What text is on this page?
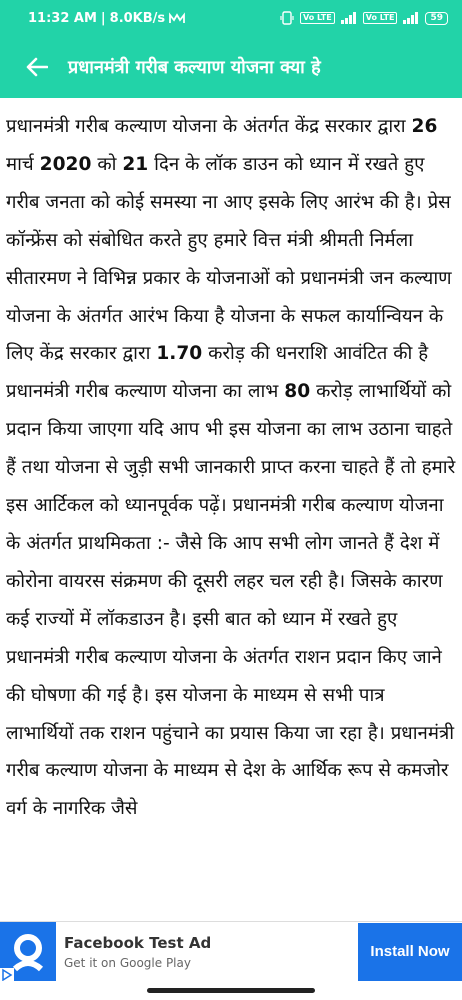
11:32 AM | 8.0KB/s	Vo LTE	Vo LTE	59
प्रधानमंत्री गरीब कल्याण योजना क्या हे
प्रधानमंत्री गरीब कल्याण योजना के अंतर्गत केंद्र सरकार द्वारा 26 मार्च 2020 को 21 दिन के लॉक डाउन को ध्यान में रखते हुए गरीब जनता को कोई समस्या ना आए इसके लिए आरंभ की है। प्रेस कॉन्फ्रेंस को संबोधित करते हुए हमारे वित्त मंत्री श्रीमती निर्मला सीतारमण ने विभिन्न प्रकार के योजनाओं को प्रधानमंत्री जन कल्याण योजना के अंतर्गत आरंभ किया है योजना के सफल कार्यान्वियन के लिए केंद्र सरकार द्वारा 1.70 करोड़ की धनराशि आवंटित की है प्रधानमंत्री गरीब कल्याण योजना का लाभ 80 करोड़ लाभार्थियों को प्रदान किया जाएगा यदि आप भी इस योजना का लाभ उठाना चाहते हैं तथा योजना से जुड़ी सभी जानकारी प्राप्त करना चाहते हैं तो हमारे इस आर्टिकल को ध्यानपूर्वक पढ़ें। प्रधानमंत्री गरीब कल्याण योजना के अंतर्गत प्राथमिकता :- जैसे कि आप सभी लोग जानते हैं देश में कोरोना वायरस संक्रमण की दूसरी लहर चल रही है। जिसके कारण कई राज्यों में लॉकडाउन है। इसी बात को ध्यान में रखते हुए प्रधानमंत्री गरीब कल्याण योजना के अंतर्गत राशन प्रदान किए जाने की घोषणा की गई है। इस योजना के माध्यम से सभी पात्र लाभार्थियों तक राशन पहुंचाने का प्रयास किया जा रहा है। प्रधानमंत्री गरीब कल्याण योजना के माध्यम से देश के आर्थिक रूप से कमजोर वर्ग के नागरिक जैसे
Facebook Test Ad
Get it on Google Play
Install Now
